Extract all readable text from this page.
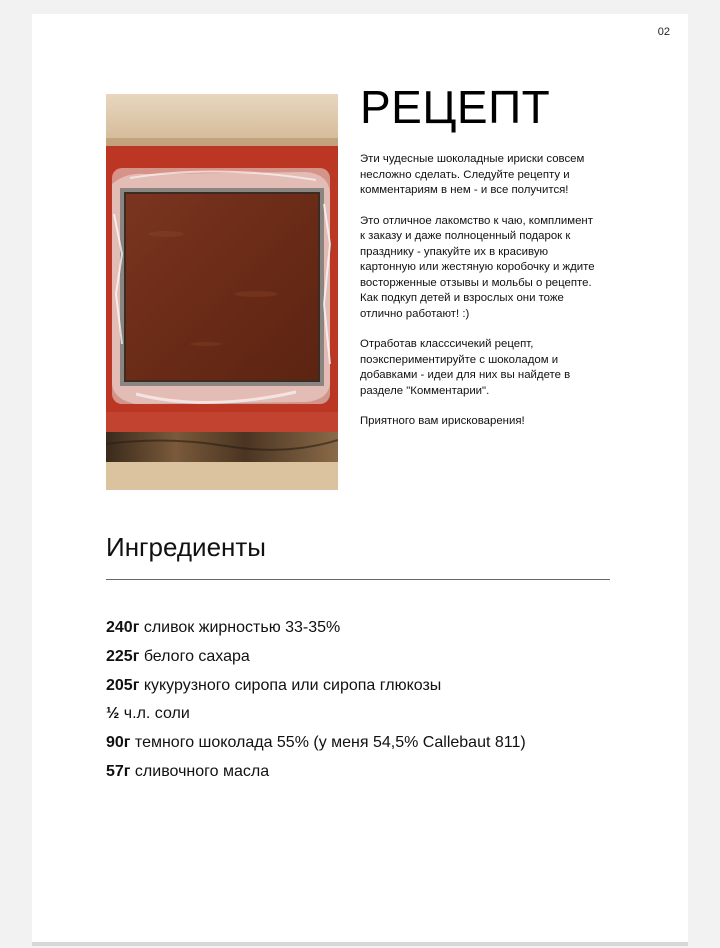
02
РЕЦЕПТ

Эти чудесные шоколадные ириски совсем несложно сделать. Следуйте рецепту и комментариям в нем - и все получится!

Это отличное лакомство к чаю, комплимент к заказу и даже полноценный подарок к празднику - упакуйте их в красивую картонную или жестяную коробочку и ждите восторженные отзывы и мольбы о рецепте. Как подкуп детей и взрослых они тоже отлично работают! :)

Отработав класссичекий рецепт, поэкспериментируйте с шоколадом и добавками - идеи для них вы найдете в разделе "Комментарии".

Приятного вам ирисковарения!

Ингредиенты
240г сливок жирностью 33-35%
225г белого сахара
205г кукурузного сиропа или сиропа глюкозы
½ ч.л. соли
90г темного шоколада 55% (у меня 54,5% Callebaut 811)
57г сливочного масла
